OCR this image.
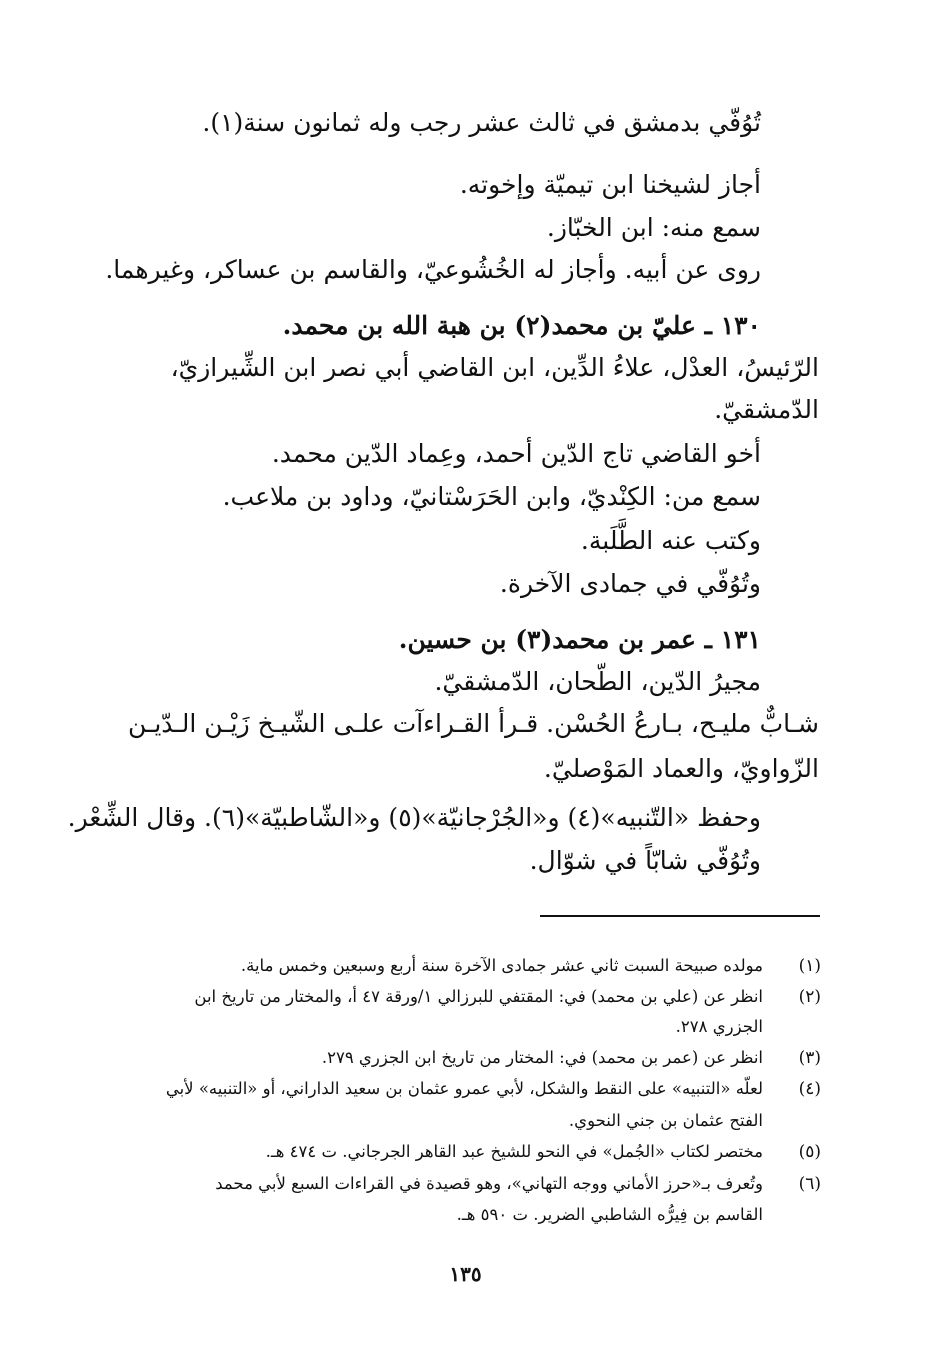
تُوُفّي بدمشق في ثالث عشر رجب وله ثمانون سنة(١).
أجاز لشيخنا ابن تيميّة وإخوته.
سمع منه: ابن الخبّاز.
روى عن أبيه. وأجاز له الخُشُوعيّ، والقاسم بن عساكر، وغيرهما.
١٣٠ ـ عليّ بن محمد(٢) بن هبة الله بن محمد.
الرّئيسُ، العدْل، علاءُ الدِّين، ابن القاضي أبي نصر ابن الشِّيرازيّ،
الدّمشقيّ.
أخو القاضي تاج الدّين أحمد، وعِماد الدّين محمد.
سمع من: الكِنْديّ، وابن الحَرَسْتانيّ، وداود بن ملاعب.
وكتب عنه الطَّلَبة.
وتُوُفّي في جمادى الآخرة.
١٣١ ـ عمر بن محمد(٣) بن حسين.
مجيرُ الدّين، الطّحان، الدّمشقيّ.
شـابٌّ مليـح، بـارعُ الحُسْن. قـرأ القـراءآت علـى الشّيـخ زَيْـن الـدّيـن
الزّواويّ، والعماد المَوْصليّ.
وحفظ «التّنبيه»(٤) و«الجُرْجانيّة»(٥) و«الشّاطبيّة»(٦). وقال الشِّعْر.
وتُوُفّي شابّاً في شوّال.
(١)
مولده صبيحة السبت ثاني عشر جمادى الآخرة سنة أربع وسبعين وخمس ماية.
(٢)
انظر عن (علي بن محمد) في: المقتفي للبرزالي ١/ورقة ٤٧ أ، والمختار من تاريخ ابن
الجزري ٢٧٨.
(٣)
انظر عن (عمر بن محمد) في: المختار من تاريخ ابن الجزري ٢٧٩.
(٤)
لعلّه «التنبيه» على النقط والشكل، لأبي عمرو عثمان بن سعيد الداراني، أو «التنبيه» لأبي
الفتح عثمان بن جني النحوي.
(٥)
مختصر لكتاب «الجُمل» في النحو للشيخ عبد القاهر الجرجاني. ت ٤٧٤ هـ.
(٦)
وتُعرف بـ«حرز الأماني ووجه التهاني»، وهو قصيدة في القراءات السبع لأبي محمد
القاسم بن فِيرُّه الشاطبي الضرير. ت ٥٩٠ هـ.
١٣٥
